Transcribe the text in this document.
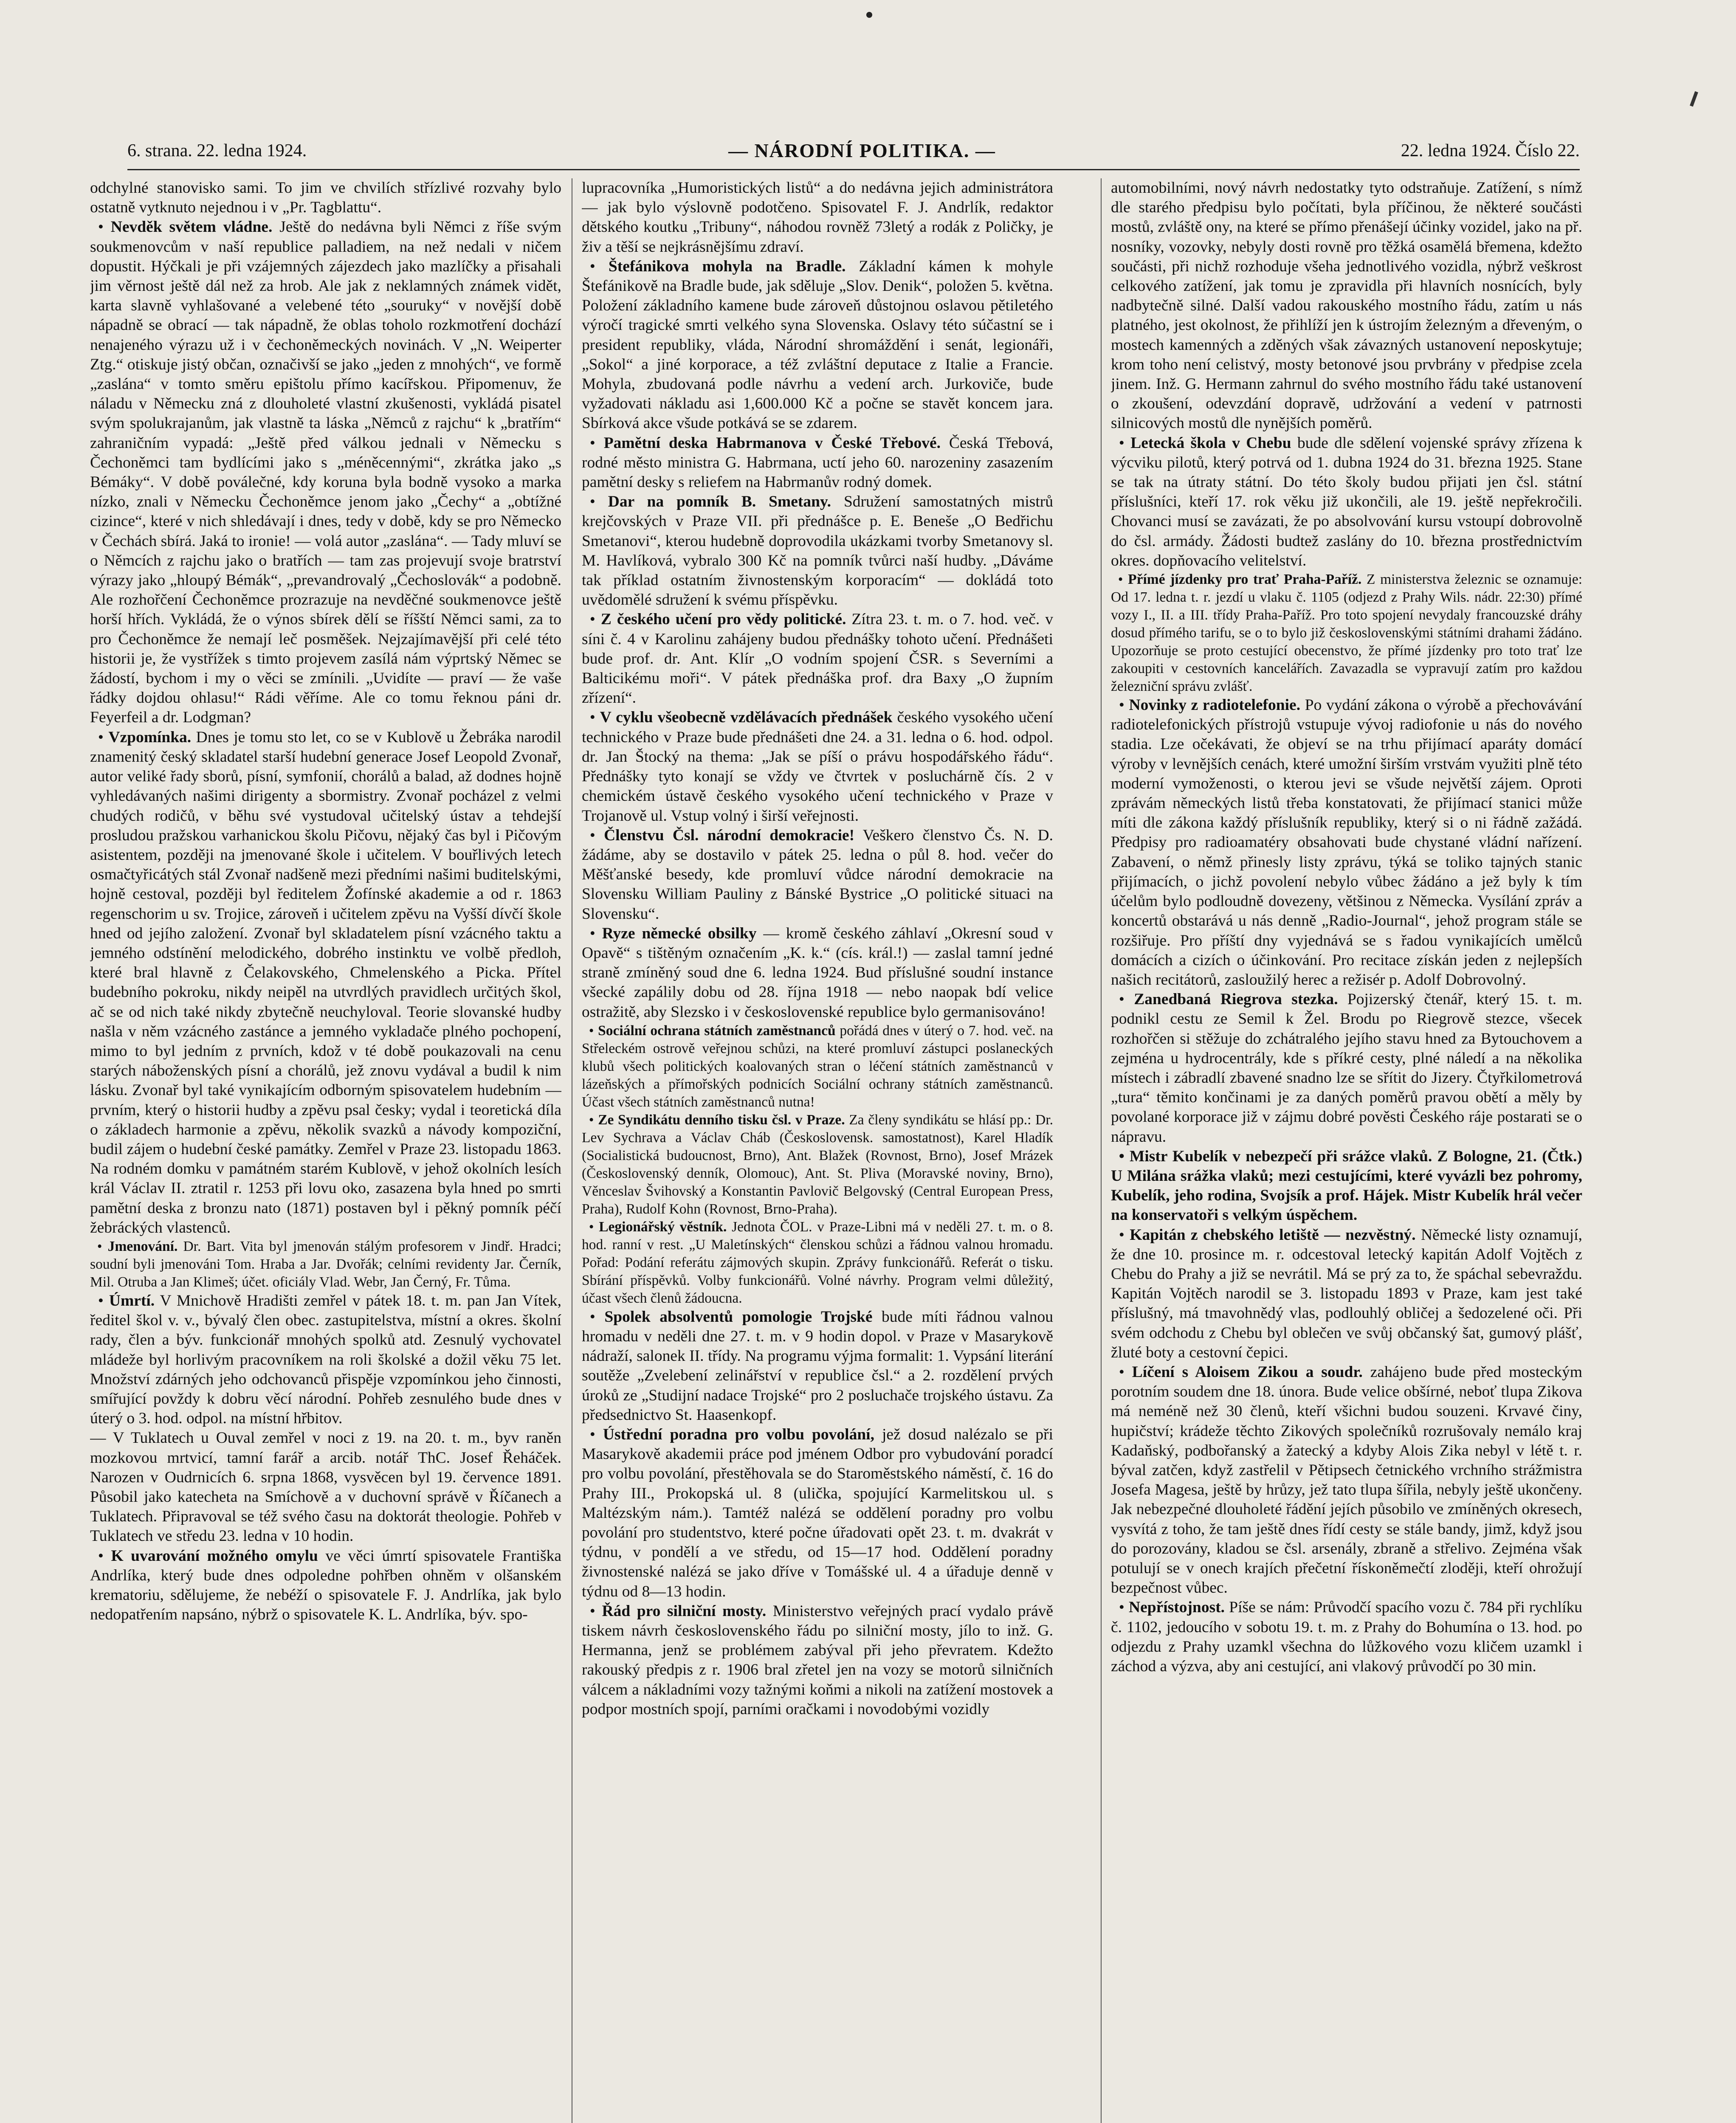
6. strana. 22. ledna 1924.	— NÁRODNÍ POLITIKA. —	22. ledna 1924. Číslo 22.

odchylné stanovisko sami. To jim ve chvilích střízlivé rozvahy bylo ostatně vytknuto nejednou i v „Pr. Tagblattu“.

 • Nevděk světem vládne. Ještě do nedávna byli Němci z říše svým soukmenovcům v naší republice palladiem, na než nedali v ničem dopustit. Hýčkali je při vzájemných zájezdech jako mazlíčky a přisahali jim věrnost ještě dál než za hrob. Ale jak z neklamných známek vidět, karta slavně vyhlašované a velebené této „souruky“ v novější době nápadně se obrací — tak nápadně, že oblas toholo rozkmotření dochází nenajeného výrazu už i v čechoněmeckých novinách. V „N. Weiperter Ztg.“ otiskuje jistý občan, označivší se jako „jeden z mnohých“, ve formě „zaslána“ v tomto směru epištolu přímo kacířskou. Připomenuv, že náladu v Německu zná z dlouholeté vlastní zkušenosti, vykládá pisatel svým spolukrajanům, jak vlastně ta láska „Němců z rajchu“ k „bratřím“ zahraničním vypadá: „Ještě před válkou jednali v Německu s Čechoněmci tam bydlícími jako s „méněcennými“, zkrátka jako „s Bémáky“. V době poválečné, kdy koruna byla bodně vysoko a marka nízko, znali v Německu Čechoněmce jenom jako „Čechy“ a „obtížné cizince“, které v nich shledávají i dnes, tedy v době, kdy se pro Německo v Čechách sbírá. Jaká to ironie! — volá autor „zaslána“. — Tady mluví se o Němcích z rajchu jako o bratřích — tam zas projevují svoje bratrství výrazy jako „hloupý Bémák“, „prevandrovalý „Čechoslovák“ a podobně. Ale rozhořčení Čechoněmce prozrazuje na nevděčné soukmenovce ještě horší hřích. Vykládá, že o výnos sbírek dělí se říšští Němci sami, za to pro Čechoněmce že nemají leč posměšek. Nejzajímavější při celé této historii je, že vystřížek s timto projevem zasílá nám výprtský Němec se žádostí, bychom i my o věci se zmínili. „Uvidíte — praví — že vaše řádky dojdou ohlasu!“ Rádi věříme. Ale co tomu řeknou páni dr. Feyerfeil a dr. Lodgman?

 • Vzpomínka. Dnes je tomu sto let, co se v Kublově u Žebráka narodil znamenitý český skladatel starší hudební generace Josef Leopold Zvonař, autor veliké řady sborů, písní, symfonií, chorálů a balad, až dodnes hojně vyhledávaných našimi dirigenty a sbormistry. Zvonař pocházel z velmi chudých rodičů, v běhu své vystudoval učitelský ústav a tehdejší prosludou pražskou varhanickou školu Pičovu, nějaký čas byl i Pičovým asistentem, později na jmenované škole i učitelem. V bouřlivých letech osmačtyřicátých stál Zvonař nadšeně mezi předními našimi buditelskými, hojně cestoval, později byl ředitelem Žofínské akademie a od r. 1863 regenschorim u sv. Trojice, zároveň i učitelem zpěvu na Vyšší dívčí škole hned od jejího založení. Zvonař byl skladatelem písní vzácného taktu a jemného odstínění melodického, dobrého instinktu ve volbě předloh, které bral hlavně z Čelakovského, Chmelenského a Picka. Přítel budebního pokroku, nikdy neipěl na utvrdlých pravidlech určitých škol, ač se od nich také nikdy zbytečně neuchyloval. Teorie slovanské hudby našla v něm vzácného zastánce a jemného vykladače plného pochopení, mimo to byl jedním z prvních, kdož v té době poukazovali na cenu starých náboženských písní a chorálů, jež znovu vydával a budil k nim lásku. Zvonař byl také vynikajícím odborným spisovatelem hudebním — prvním, který o historii hudby a zpěvu psal česky; vydal i teoretická díla o základech harmonie a zpěvu, několik svazků a návody kompoziční, budil zájem o hudební české památky. Zemřel v Praze 23. listopadu 1863. Na rodném domku v památném starém Kublově, v jehož okolních lesích král Václav II. ztratil r. 1253 při lovu oko, zasazena byla hned po smrti pamětní deska z bronzu nato (1871) postaven byl i pěkný pomník péčí žebráckých vlastenců.

 • Jmenování. Dr. Bart. Vita byl jmenován stálým profesorem v Jindř. Hradci; soudní byli jmenováni Tom. Hraba a Jar. Dvořák; celními revidenty Jar. Černík, Mil. Otruba a Jan Klimeš; účet. oficiály Vlad. Webr, Jan Černý, Fr. Tůma.

 • Úmrtí. V Mnichově Hradišti zemřel v pátek 18. t. m. pan Jan Vítek, ředitel škol v. v., bývalý člen obec. zastupitelstva, místní a okres. školní rady, člen a býv. funkcionář mnohých spolků atd. Zesnulý vychovatel mládeže byl horlivým pracovníkem na roli školské a dožil věku 75 let. Množství zdárných jeho odchovanců přispěje vzpomínkou jeho činnosti, smířující povždy k dobru věcí národní. Pohřeb zesnulého bude dnes v úterý o 3. hod. odpol. na místní hřbitov.

— V Tuklatech u Ouval zemřel v noci z 19. na 20. t. m., byv raněn mozkovou mrtvicí, tamní farář a arcib. notář ThC. Josef Řeháček. Narozen v Oudrnicích 6. srpna 1868, vysvěcen byl 19. července 1891. Působil jako katecheta na Smíchově a v duchovní správě v Říčanech a Tuklatech. Připravoval se též svého času na doktorát theologie. Pohřeb v Tuklatech ve středu 23. ledna v 10 hodin.

 • K uvarování možného omylu ve věci úmrtí spisovatele Františka Andrlíka, který bude dnes odpoledne pohřben ohněm v olšanském krematoriu, sdělujeme, že nebéží o spisovatele F. J. Andrlíka, jak bylo nedopatřením napsáno, nýbrž o spisovatele K. L. Andrlíka, býv. spo-

lupracovníka „Humoristických listů“ a do nedávna jejich administrátora — jak bylo výslovně podotčeno. Spisovatel F. J. Andrlík, redaktor dětského koutku „Tribuny“, náhodou rovněž 73letý a rodák z Poličky, je živ a těší se nejkrásnějšímu zdraví.

 • Štefánikova mohyla na Bradle. Základní kámen k mohyle Štefánikově na Bradle bude, jak sděluje „Slov. Denik“, položen 5. května. Položení základního kamene bude zároveň důstojnou oslavou pětiletého výročí tragické smrti velkého syna Slovenska. Oslavy této súčastní se i president republiky, vláda, Národní shromáždění i senát, legionáři, „Sokol“ a jiné korporace, a též zvláštní deputace z Italie a Francie. Mohyla, zbudovaná podle návrhu a vedení arch. Jurkoviče, bude vyžadovati nákladu asi 1,600.000 Kč a počne se stavět koncem jara. Sbírková akce všude potkává se se zdarem.

 • Pamětní deska Habrmanova v České Třebové. Česká Třebová, rodné město ministra G. Habrmana, uctí jeho 60. narozeniny zasazením pamětní desky s reliefem na Habrmanův rodný domek.

 • Dar na pomník B. Smetany. Sdružení samostatných mistrů krejčovských v Praze VII. při přednášce p. E. Beneše „O Bedřichu Smetanovi“, kterou hudebně doprovodila ukázkami tvorby Smetanovy sl. M. Havlíková, vybralo 300 Kč na pomník tvůrci naší hudby. „Dáváme tak příklad ostatním živnostenským korporacím“ — dokládá toto uvědomělé sdružení k svému příspěvku.

 • Z českého učení pro vědy politické. Zítra 23. t. m. o 7. hod. več. v síni č. 4 v Karolinu zahájeny budou přednášky tohoto učení. Přednášeti bude prof. dr. Ant. Klír „O vodním spojení ČSR. s Severními a Balticikému moři“. V pátek přednáška prof. dra Baxy „O župním zřízení“.

 • V cyklu všeobecně vzdělávacích přednášek českého vysokého učení technického v Praze bude přednášeti dne 24. a 31. ledna o 6. hod. odpol. dr. Jan Štocký na thema: „Jak se píší o právu hospodářského řádu“. Přednášky tyto konají se vždy ve čtvrtek v posluchárně čís. 2 v chemickém ústavě českého vysokého učení technického v Praze v Trojanově ul. Vstup volný i širší veřejnosti.

 • Členstvu Čsl. národní demokracie! Veškero členstvo Čs. N. D. žádáme, aby se dostavilo v pátek 25. ledna o půl 8. hod. večer do Měšťanské besedy, kde promluví vůdce národní demokracie na Slovensku William Pauliny z Bánské Bystrice „O politické situaci na Slovensku“.

 • Ryze německé obsilky — kromě českého záhlaví „Okresní soud v Opavě“ s tištěným označením „K. k.“ (cís. král.!) — zaslal tamní jedné straně zmíněný soud dne 6. ledna 1924. Bud příslušné soudní instance všecké zapálily dobu od 28. října 1918 — nebo naopak bdí velice ostražitě, aby Slezsko i v československé republice bylo germanisováno!

 • Sociální ochrana státních zaměstnanců pořádá dnes v úterý o 7. hod. več. na Střeleckém ostrově veřejnou schůzi, na které promluví zástupci poslaneckých klubů všech politických koalovaných stran o léčení státních zaměstnanců v lázeňských a přímořských podnicích Sociální ochrany státních zaměstnanců. Účast všech státních zaměstnanců nutna!

 • Ze Syndikátu denního tisku čsl. v Praze. Za členy syndikátu se hlásí pp.: Dr. Lev Sychrava a Václav Cháb (Československ. samostatnost), Karel Hladík (Socialistická budoucnost, Brno), Ant. Blažek (Rovnost, Brno), Josef Mrázek (Československý denník, Olomouc), Ant. St. Pliva (Moravské noviny, Brno), Věnceslav Švihovský a Konstantin Pavlovič Belgovský (Central European Press, Praha), Rudolf Kohn (Rovnost, Brno-Praha).

 • Legionářský věstník. Jednota ČOL. v Praze-Libni má v neděli 27. t. m. o 8. hod. ranní v rest. „U Maletínských“ členskou schůzi a řádnou valnou hromadu. Pořad: Podání referátu zájmových skupin. Zprávy funkcionářů. Referát o tisku. Sbírání příspěvků. Volby funkcionářů. Volné návrhy. Program velmi důležitý, účast všech členů žádoucna.

 • Spolek absolventů pomologie Trojské bude míti řádnou valnou hromadu v neděli dne 27. t. m. v 9 hodin dopol. v Praze v Masarykově nádraží, salonek II. třídy. Na programu výjma formalit: 1. Vypsání literání soutěže „Zvelebení zelinářství v republice čsl.“ a 2. rozdělení prvých úroků ze „Studijní nadace Trojské“ pro 2 posluchače trojského ústavu. Za předsednictvo St. Haasenkopf.

 • Ústřední poradna pro volbu povolání, jež dosud nalézalo se při Masarykově akademii práce pod jménem Odbor pro vybudování poradcí pro volbu povolání, přestěhovala se do Staroměstského náměstí, č. 16 do Prahy III., Prokopská ul. 8 (ulička, spojující Karmelitskou ul. s Maltézským nám.). Tamtéž nalézá se oddělení poradny pro volbu povolání pro studentstvo, které počne úřadovati opět 23. t. m. dvakrát v týdnu, v pondělí a ve středu, od 15—17 hod. Oddělení poradny živnostenské nalézá se jako dříve v Tomášské ul. 4 a úřaduje denně v týdnu od 8—13 hodin.

 • Řád pro silniční mosty. Ministerstvo veřejných prací vydalo právě tiskem návrh československého řádu po silniční mosty, jílo to inž. G. Hermanna, jenž se problémem zabýval při jeho převratem. Kdežto rakouský předpis z r. 1906 bral zřetel jen na vozy se motorů silničních válcem a nákladními vozy tažnými koňmi a nikoli na zatížení mostovek a podpor mostních spojí, parními oračkami i novodobými vozidly

automobilními, nový návrh nedostatky tyto odstraňuje. Zatížení, s nímž dle starého předpisu bylo počítati, byla příčinou, že některé součásti mostů, zvláště ony, na které se přímo přenášejí účinky vozidel, jako na př. nosníky, vozovky, nebyly dosti rovně pro těžká osamělá břemena, kdežto součásti, při nichž rozhoduje všeha jednotlivého vozidla, nýbrž veškrost celkového zatížení, jak tomu je zpravidla při hlavních nosnících, byly nadbytečně silné. Další vadou rakouského mostního řádu, zatím u nás platného, jest okolnost, že přihlíží jen k ústrojím železným a dřeveným, o mostech kamenných a zděných však závazných ustanovení neposkytuje; krom toho není celistvý, mosty betonové jsou prvbrány v předpise zcela jinem. Inž. G. Hermann zahrnul do svého mostního řádu také ustanovení o zkoušení, odevzdání dopravě, udržování a vedení v patrnosti silnicových mostů dle nynějších poměrů.

 • Letecká škola v Chebu bude dle sdělení vojenské správy zřízena k výcviku pilotů, který potrvá od 1. dubna 1924 do 31. března 1925. Stane se tak na útraty státní. Do této školy budou přijati jen čsl. státní příslušníci, kteří 17. rok věku již ukončili, ale 19. ještě nepřekročili. Chovanci musí se zavázati, že po absolvování kursu vstoupí dobrovolně do čsl. armády. Žádosti budtež zaslány do 10. března prostřednictvím okres. dopňovacího velitelství.

 • Přímé jízdenky pro trať Praha-Paříž. Z ministerstva železnic se oznamuje: Od 17. ledna t. r. jezdí u vlaku č. 1105 (odjezd z Prahy Wils. nádr. 22:30) přímé vozy I., II. a III. třídy Praha-Paříž. Pro toto spojení nevydaly francouzské dráhy dosud přímého tarifu, se o to bylo již československými státními drahami žádáno. Upozorňuje se proto cestující obecenstvo, že přímé jízdenky pro toto trať lze zakoupiti v cestovních kancelářích. Zavazadla se vypravují zatím pro každou železniční správu zvlášť.

 • Novinky z radiotelefonie. Po vydání zákona o výrobě a přechovávání radiotelefonických přístrojů vstupuje vývoj radiofonie u nás do nového stadia. Lze očekávati, že objeví se na trhu přijímací aparáty domácí výroby v levnějších cenách, které umožní širším vrstvám využiti plně této moderní vymoženosti, o kterou jevi se všude největší zájem. Oproti zprávám německých listů třeba konstatovati, že přijímací stanici může míti dle zákona každý příslušník republiky, který si o ni řádně zažádá. Předpisy pro radioamatéry obsahovati bude chystané vládní nařízení. Zabavení, o němž přinesly listy zprávu, týká se toliko tajných stanic přijímacích, o jichž povolení nebylo vůbec žádáno a jež byly k tím účelům bylo podloudně dovezeny, většinou z Německa. Vysílání zpráv a koncertů obstarává u nás denně „Radio-Journal“, jehož program stále se rozšiřuje. Pro příští dny vyjednává se s řadou vynikajících umělců domácích a cizích o účinkování. Pro recitace získán jeden z nejlepších našich recitátorů, zasloužilý herec a režisér p. Adolf Dobrovolný.

 • Zanedbaná Riegrova stezka. Pojizerský čtenář, který 15. t. m. podnikl cestu ze Semil k Žel. Brodu po Riegrově stezce, všecek rozhořčen si stěžuje do zchátralého jejího stavu hned za Bytouchovem a zejména u hydrocentrály, kde s příkré cesty, plné náledí a na několika místech i zábradlí zbavené snadno lze se sřítit do Jizery. Čtyřkilometrová „tura“ těmito končinami je za daných poměrů pravou obětí a měly by povolané korporace již v zájmu dobré pověsti Českého ráje postarati se o nápravu.

 • Mistr Kubelík v nebezpečí při srážce vlaků. Z Bologne, 21. (Čtk.) U Milána srážka vlaků; mezi cestujícími, které vyvázli bez pohromy, Kubelík, jeho rodina, Svojsík a prof. Hájek. Mistr Kubelík hrál večer na konservatoři s velkým úspěchem.

 • Kapitán z chebského letiště — nezvěstný. Německé listy oznamují, že dne 10. prosince m. r. odcestoval letecký kapitán Adolf Vojtěch z Chebu do Prahy a již se nevrátil. Má se prý za to, že spáchal sebevraždu. Kapitán Vojtěch narodil se 3. listopadu 1893 v Praze, kam jest také příslušný, má tmavohnědý vlas, podlouhlý obličej a šedozelené oči. Při svém odchodu z Chebu byl oblečen ve svůj občanský šat, gumový plášť, žluté boty a cestovní čepici.

 • Líčení s Aloisem Zikou a soudr. zahájeno bude před mosteckým porotním soudem dne 18. února. Bude velice obšírné, neboť tlupa Zikova má neméně než 30 členů, kteří všichni budou souzeni. Krvavé činy, hupičství; krádeže těchto Zikových společníků rozrušovaly nemálo kraj Kadaňský, podbořanský a žatecký a kdyby Alois Zika nebyl v létě t. r. býval zatčen, když zastřelil v Pětipsech četnického vrchního strážmistra Josefa Magesa, ještě by hrůzy, jež tato tlupa šířila, nebyly ještě ukončeny. Jak nebezpečné dlouholeté řádění jejích působilo ve zmíněných okresech, vysvítá z toho, že tam ještě dnes řídí cesty se stále bandy, jimž, když jsou do porozovány, kladou se čsl. arsenály, zbraně a střelivo. Zejména však potulují se v onech krajích přečetní řískoněmečtí zloději, kteří ohrožují bezpečnost vůbec.

 • Nepřístojnost. Píše se nám: Průvodčí spacího vozu č. 784 při rychlíku č. 1102, jedoucího v sobotu 19. t. m. z Prahy do Bohumína o 13. hod. po odjezdu z Prahy uzamkl všechna do lůžkového vozu kličem uzamkl i záchod a výzva, aby ani cestující, ani vlakový průvodčí po 30 min.
